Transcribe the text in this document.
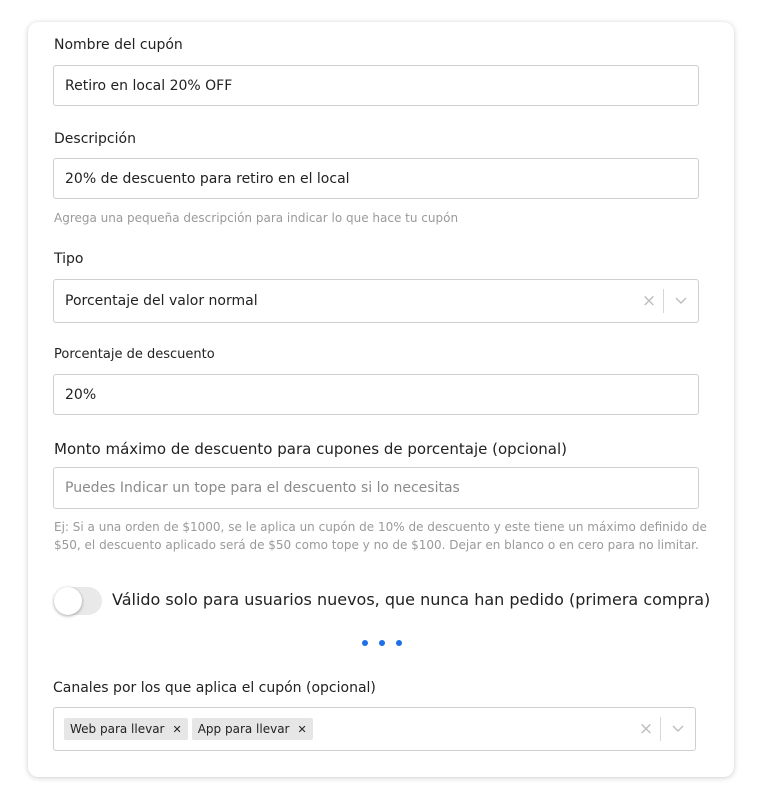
Nombre del cupón
Retiro en local 20% OFF
Descripción
20% de descuento para retiro en el local
Agrega una pequeña descripción para indicar lo que hace tu cupón
Tipo
Porcentaje del valor normal	×
Porcentaje de descuento
20%
Monto máximo de descuento para cupones de porcentaje (opcional)
Puedes Indicar un tope para el descuento si lo necesitas
Ej: Si a una orden de $1000, se le aplica un cupón de 10% de descuento y este tiene un máximo definido de
$50, el descuento aplicado será de $50 como tope y no de $100. Dejar en blanco o en cero para no limitar.
Válido solo para usuarios nuevos, que nunca han pedido (primera compra)
Canales por los que aplica el cupón (opcional)
Web para llevar ✕ App para llevar ✕	×
